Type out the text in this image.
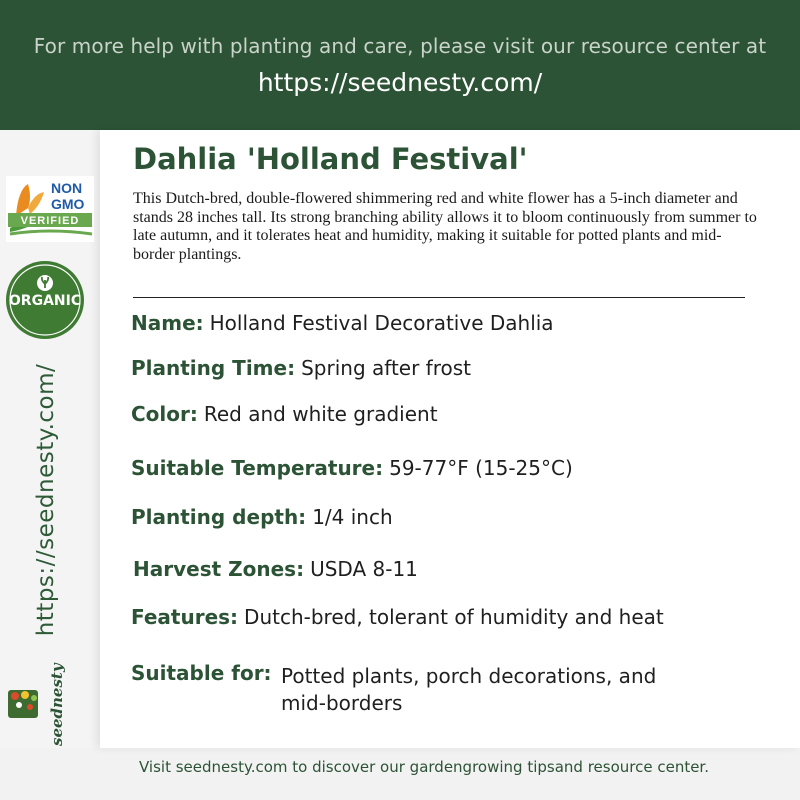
For more help with planting and care, please visit our resource center at
https://seednesty.com/
NON
GMO
VERIFIED
ORGANIC
https://seednesty.com/
seednesty
Dahlia 'Holland Festival'
This Dutch-bred, double-flowered shimmering red and white flower has a 5-inch diameter and stands 28 inches tall. Its strong branching ability allows it to bloom continuously from summer to late autumn, and it tolerates heat and humidity, making it suitable for potted plants and mid-border plantings.
Name: Holland Festival Decorative Dahlia
Planting Time: Spring after frost
Color: Red and white gradient
Suitable Temperature: 59-77°F (15-25°C)
Planting depth: 1/4 inch
Harvest Zones: USDA 8-11
Features: Dutch-bred, tolerant of humidity and heat
Suitable for: Potted plants, porch decorations, and
mid-borders
Visit seednesty.com to discover our gardengrowing tipsand resource center.
